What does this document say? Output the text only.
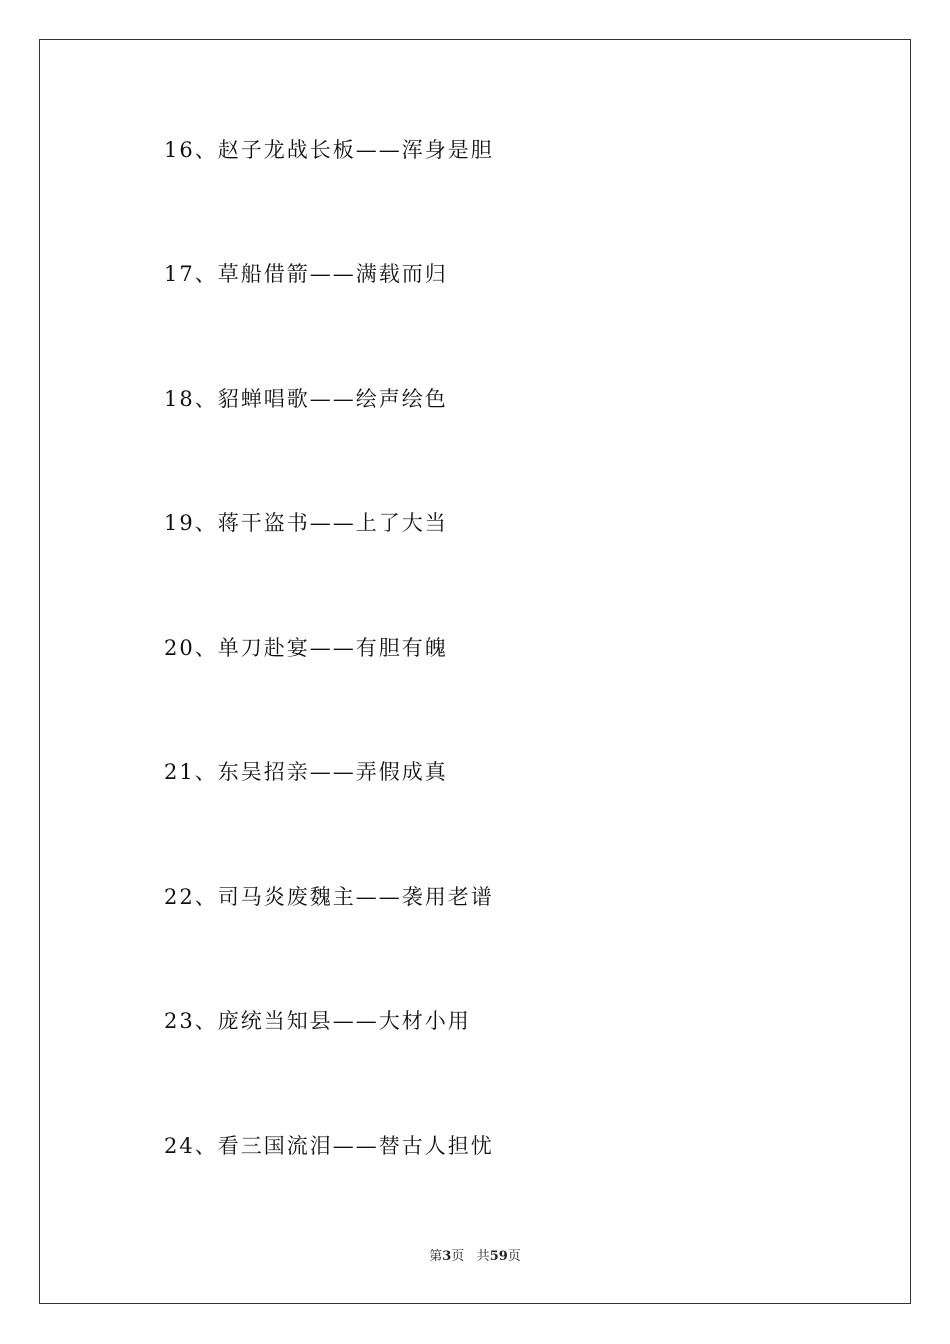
16、赵子龙战长板——浑身是胆
17、草船借箭——满载而归
18、貂蝉唱歌——绘声绘色
19、蒋干盗书——上了大当
20、单刀赴宴——有胆有魄
21、东吴招亲——弄假成真
22、司马炎废魏主——袭用老谱
23、庞统当知县——大材小用
24、看三国流泪——替古人担忧
第3页 共59页
